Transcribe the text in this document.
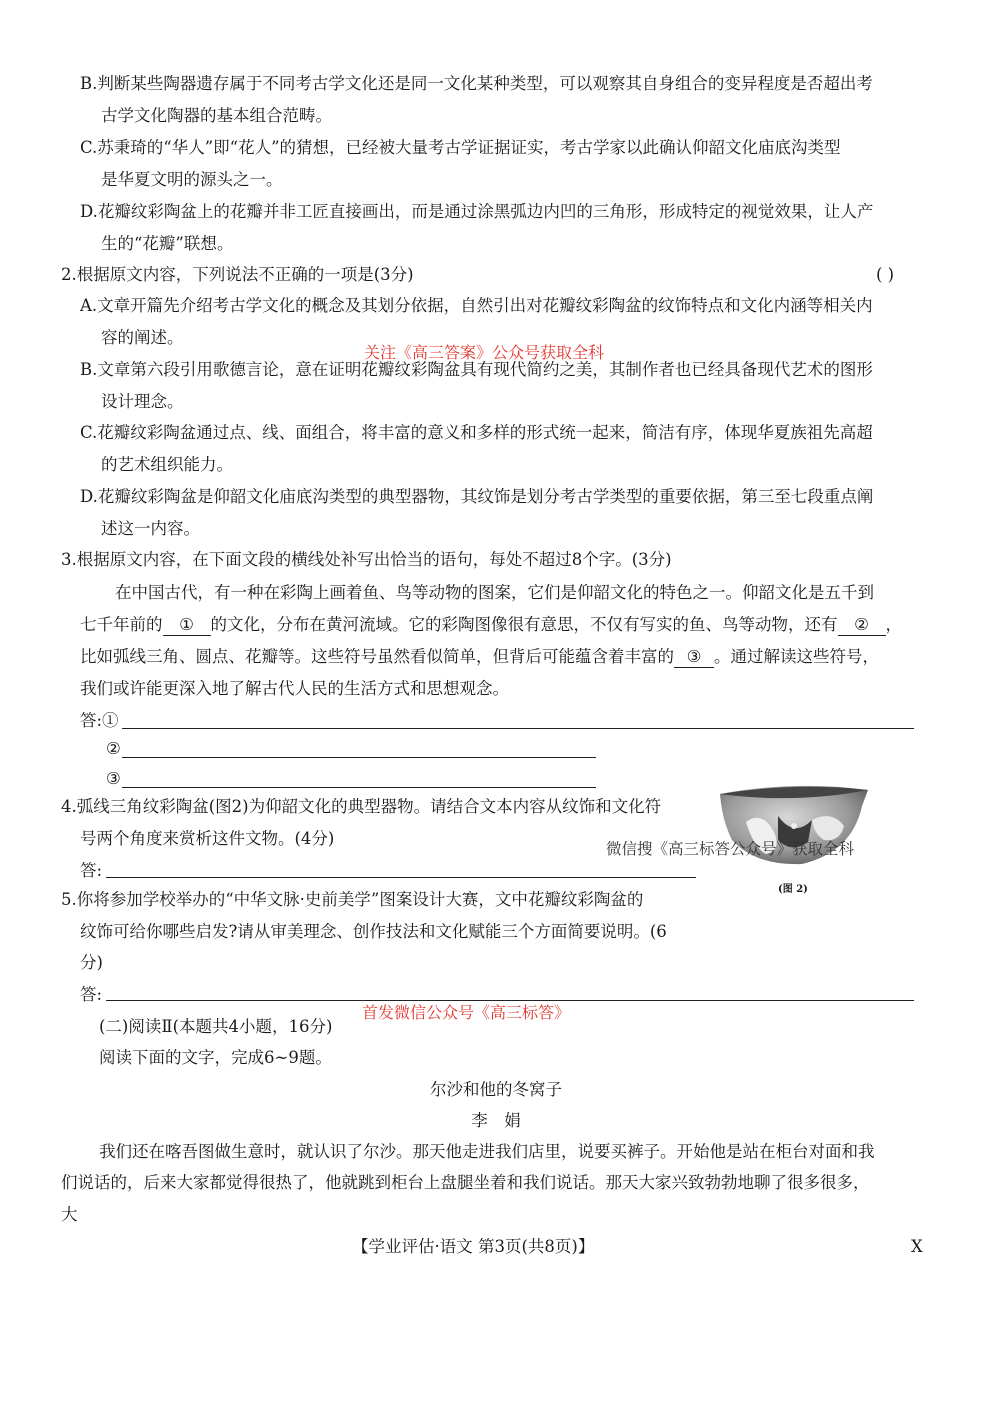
B.判断某些陶器遗存属于不同考古学文化还是同一文化某种类型，可以观察其自身组合的变异程度是否超出考
古学文化陶器的基本组合范畴。
C.苏秉琦的“华人”即“花人”的猜想，已经被大量考古学证据证实，考古学家以此确认仰韶文化庙底沟类型
是华夏文明的源头之一。
D.花瓣纹彩陶盆上的花瓣并非工匠直接画出，而是通过涂黑弧边内凹的三角形，形成特定的视觉效果，让人产
生的“花瓣”联想。
2.根据原文内容，下列说法不正确的一项是(3分)	( )
A.文章开篇先介绍考古学文化的概念及其划分依据，自然引出对花瓣纹彩陶盆的纹饰特点和文化内涵等相关内
容的阐述。
关注《高三答案》公众号获取全科
B.文章第六段引用歌德言论，意在证明花瓣纹彩陶盆具有现代简约之美，其制作者也已经具备现代艺术的图形
设计理念。
C.花瓣纹彩陶盆通过点、线、面组合，将丰富的意义和多样的形式统一起来，简洁有序，体现华夏族祖先高超
的艺术组织能力。
D.花瓣纹彩陶盆是仰韶文化庙底沟类型的典型器物，其纹饰是划分考古学类型的重要依据，第三至七段重点阐
述这一内容。
3.根据原文内容，在下面文段的横线处补写出恰当的语句，每处不超过8个字。(3分)
在中国古代，有一种在彩陶上画着鱼、鸟等动物的图案，它们是仰韶文化的特色之一。仰韶文化是五千到
七千年前的 ① 的文化，分布在黄河流域。它的彩陶图像很有意思，不仅有写实的鱼、鸟等动物，还有 ② ，
比如弧线三角、圆点、花瓣等。这些符号虽然看似简单，但背后可能蕴含着丰富的 ③ 。通过解读这些符号，
我们或许能更深入地了解古代人民的生活方式和思想观念。
答:①
②
③
4.弧线三角纹彩陶盆(图2)为仰韶文化的典型器物。请结合文本内容从纹饰和文化符
号两个角度来赏析这件文物。(4分)
答:
微信搜《高三标答公众号》获取全科
(图 2)
5.你将参加学校举办的“中华文脉·史前美学”图案设计大赛，文中花瓣纹彩陶盆的
纹饰可给你哪些启发?请从审美理念、创作技法和文化赋能三个方面简要说明。(6
分)
答:
首发微信公众号《高三标答》
(二)阅读Ⅱ(本题共4小题，16分)
阅读下面的文字，完成6~9题。
尔沙和他的冬窝子
李　娟
我们还在喀吾图做生意时，就认识了尔沙。那天他走进我们店里，说要买裤子。开始他是站在柜台对面和我
们说话的，后来大家都觉得很热了，他就跳到柜台上盘腿坐着和我们说话。那天大家兴致勃勃地聊了很多很多，
大
【学业评估·语文 第3页(共8页)】	X
